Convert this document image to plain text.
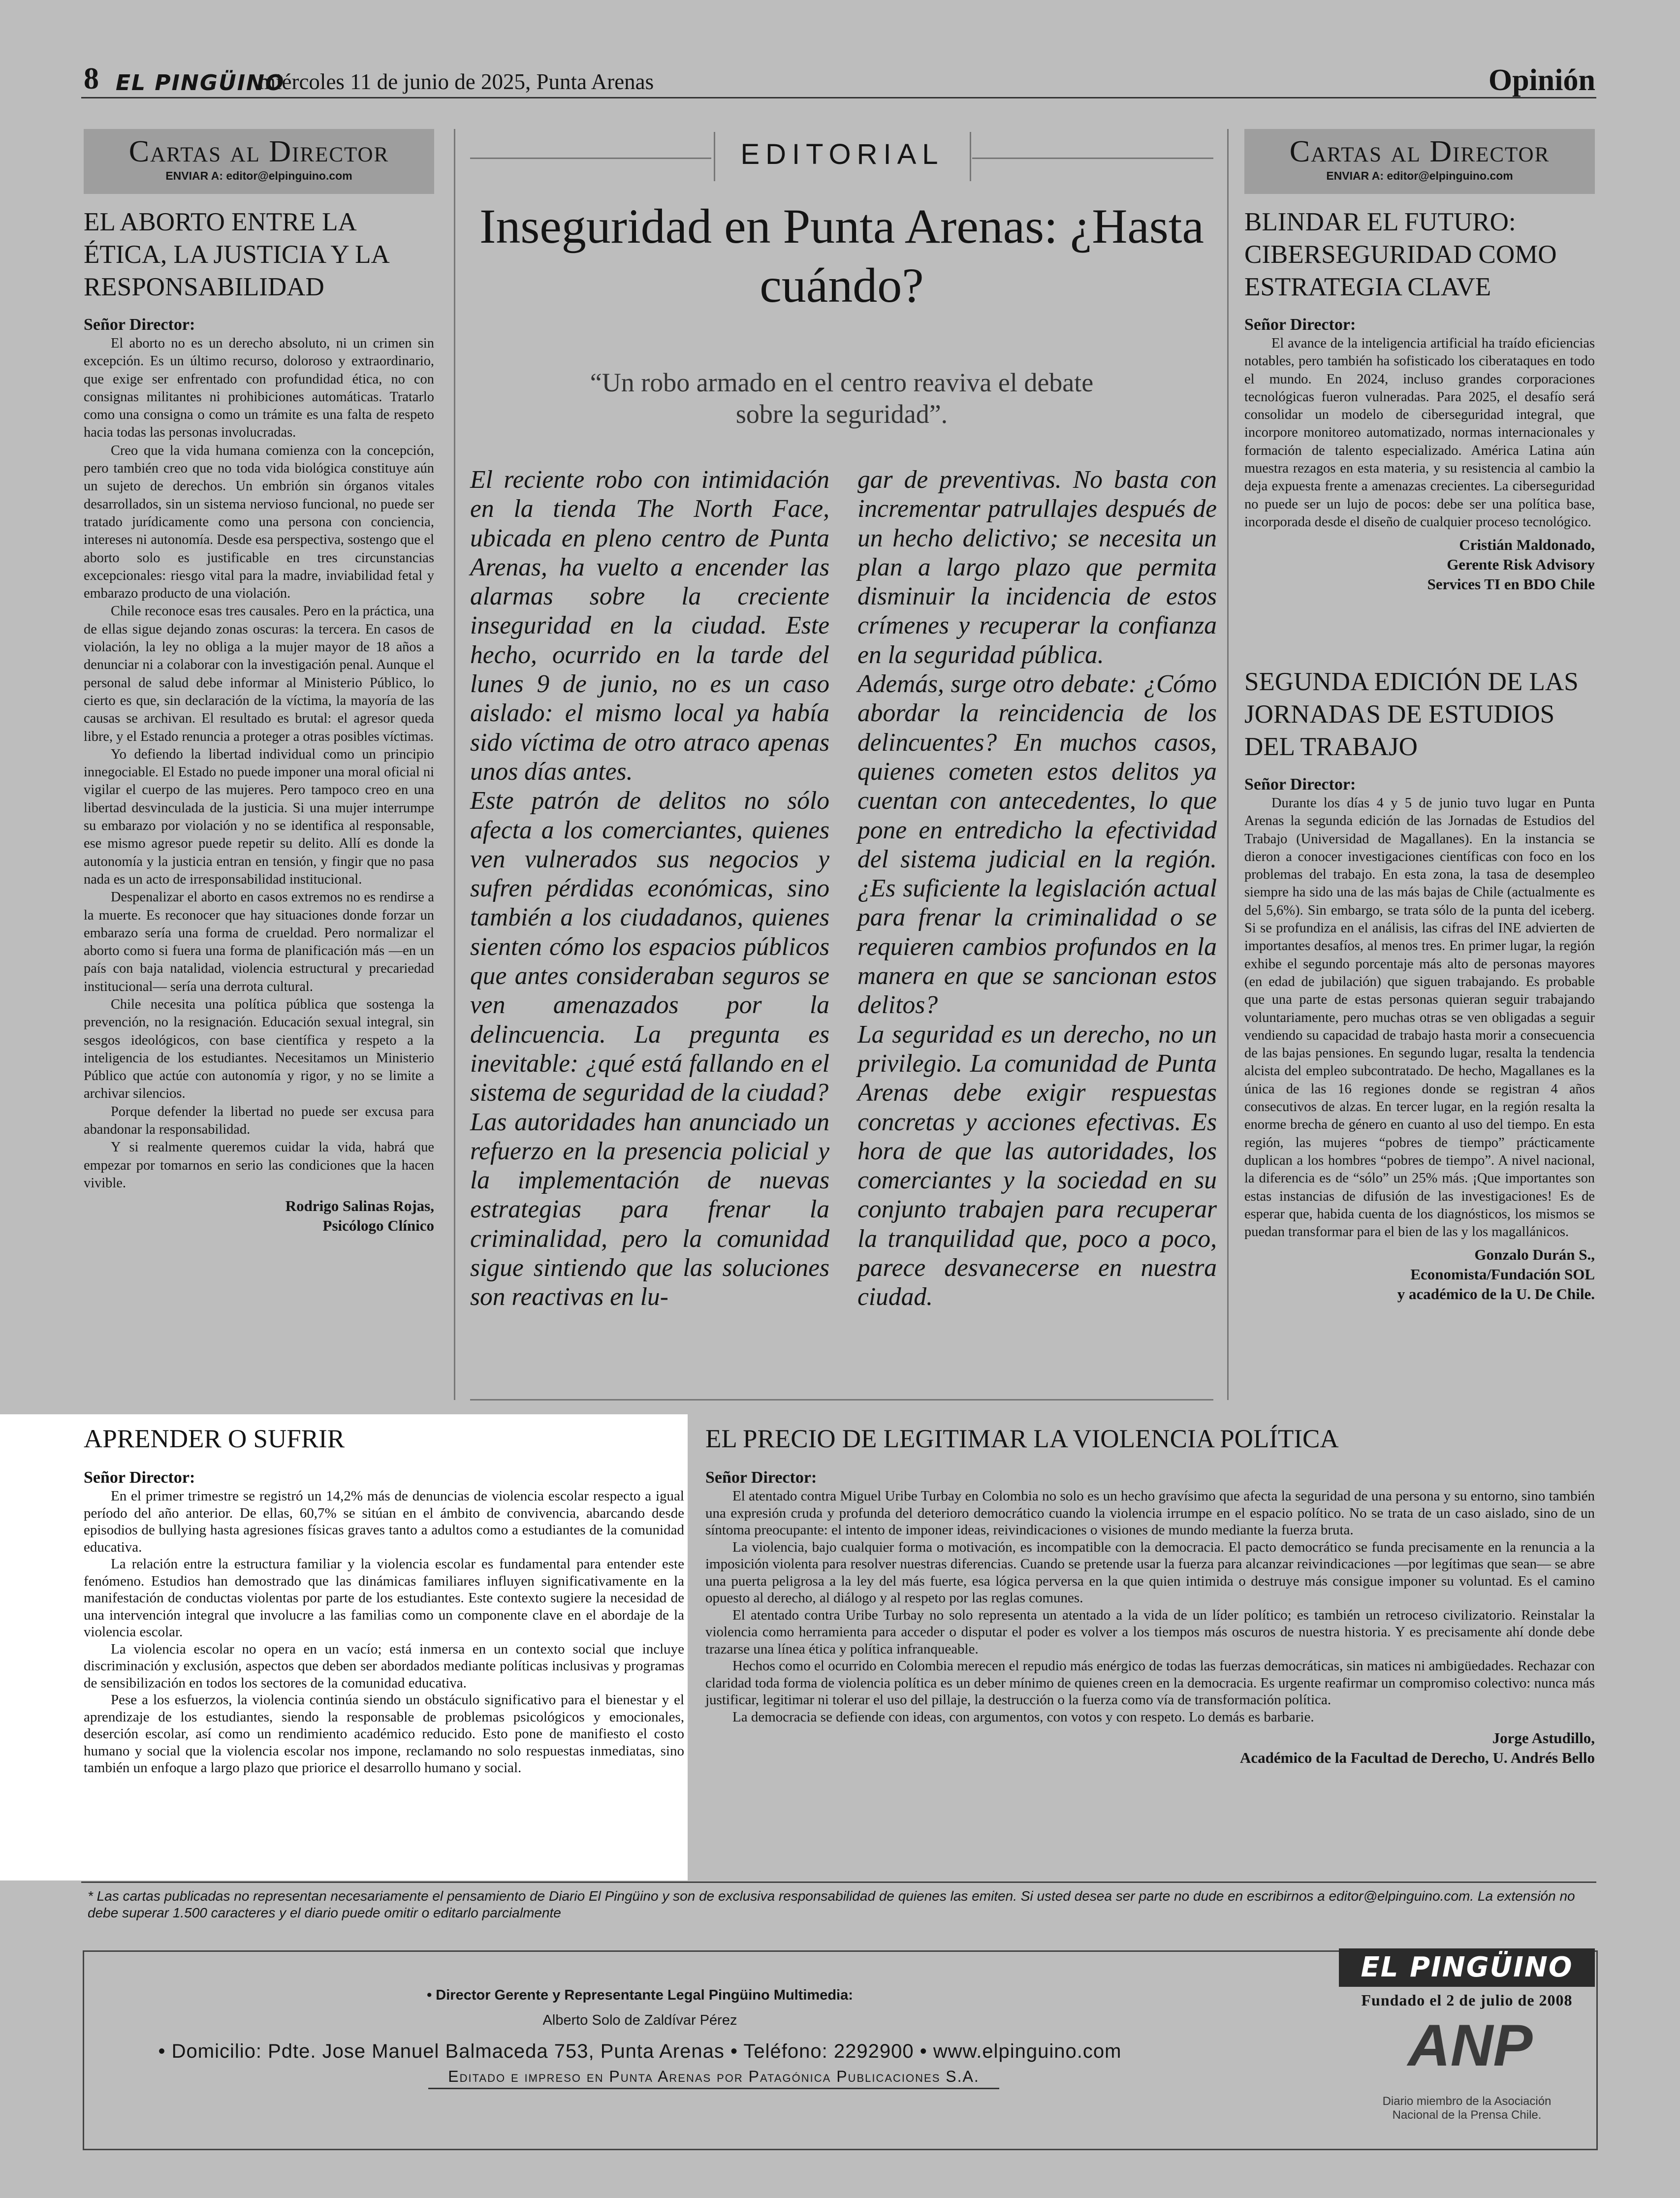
8 EL PINGÜINO
miércoles 11 de junio de 2025, Punta Arenas	Opinión
Cartas al Director
ENVIAR A: editor@elpinguino.com
EL ABORTO ENTRE LA ÉTICA, LA JUSTICIA Y LA RESPONSABILIDAD
Señor Director:

El aborto no es un derecho absoluto, ni un crimen sin excepción. Es un último recurso, doloroso y extraordinario, que exige ser enfrentado con profundidad ética, no con consignas militantes ni prohibiciones automáticas. Tratarlo como una consigna o como un trámite es una falta de respeto hacia todas las personas involucradas.

Creo que la vida humana comienza con la concepción, pero también creo que no toda vida biológica constituye aún un sujeto de derechos. Un embrión sin órganos vitales desarrollados, sin un sistema nervioso funcional, no puede ser tratado jurídicamente como una persona con conciencia, intereses ni autonomía. Desde esa perspectiva, sostengo que el aborto solo es justificable en tres circunstancias excepcionales: riesgo vital para la madre, inviabilidad fetal y embarazo producto de una violación.

Chile reconoce esas tres causales. Pero en la práctica, una de ellas sigue dejando zonas oscuras: la tercera. En casos de violación, la ley no obliga a la mujer mayor de 18 años a denunciar ni a colaborar con la investigación penal. Aunque el personal de salud debe informar al Ministerio Público, lo cierto es que, sin declaración de la víctima, la mayoría de las causas se archivan. El resultado es brutal: el agresor queda libre, y el Estado renuncia a proteger a otras posibles víctimas.

Yo defiendo la libertad individual como un principio innegociable. El Estado no puede imponer una moral oficial ni vigilar el cuerpo de las mujeres. Pero tampoco creo en una libertad desvinculada de la justicia. Si una mujer interrumpe su embarazo por violación y no se identifica al responsable, ese mismo agresor puede repetir su delito. Allí es donde la autonomía y la justicia entran en tensión, y fingir que no pasa nada es un acto de irresponsabilidad institucional.

Despenalizar el aborto en casos extremos no es rendirse a la muerte. Es reconocer que hay situaciones donde forzar un embarazo sería una forma de crueldad. Pero normalizar el aborto como si fuera una forma de planificación más —en un país con baja natalidad, violencia estructural y precariedad institucional— sería una derrota cultural.

Chile necesita una política pública que sostenga la prevención, no la resignación. Educación sexual integral, sin sesgos ideológicos, con base científica y respeto a la inteligencia de los estudiantes. Necesitamos un Ministerio Público que actúe con autonomía y rigor, y no se limite a archivar silencios.

Porque defender la libertad no puede ser excusa para abandonar la responsabilidad.

Y si realmente queremos cuidar la vida, habrá que empezar por tomarnos en serio las condiciones que la hacen vivible.

Rodrigo Salinas Rojas,
Psicólogo Clínico
EDITORIAL
Inseguridad en Punta Arenas: ¿Hasta cuándo?
“Un robo armado en el centro reaviva el debate sobre la seguridad”.

El reciente robo con intimidación en la tienda The North Face, ubicada en pleno centro de Punta Arenas, ha vuelto a encender las alarmas sobre la creciente inseguridad en la ciudad. Este hecho, ocurrido en la tarde del lunes 9 de junio, no es un caso aislado: el mismo local ya había sido víctima de otro atraco apenas unos días antes.

Este patrón de delitos no sólo afecta a los comerciantes, quienes ven vulnerados sus negocios y sufren pérdidas económicas, sino también a los ciudadanos, quienes sienten cómo los espacios públicos que antes consideraban seguros se ven amenazados por la delincuencia. La pregunta es inevitable: ¿qué está fallando en el sistema de seguridad de la ciudad?

Las autoridades han anunciado un refuerzo en la presencia policial y la implementación de nuevas estrategias para frenar la criminalidad, pero la comunidad sigue sintiendo que las soluciones son reactivas en lu-

gar de preventivas. No basta con incrementar patrullajes después de un hecho delictivo; se necesita un plan a largo plazo que permita disminuir la incidencia de estos crímenes y recuperar la confianza en la seguridad pública.

Además, surge otro debate: ¿Cómo abordar la reincidencia de los delincuentes? En muchos casos, quienes cometen estos delitos ya cuentan con antecedentes, lo que pone en entredicho la efectividad del sistema judicial en la región. ¿Es suficiente la legislación actual para frenar la criminalidad o se requieren cambios profundos en la manera en que se sancionan estos delitos?

La seguridad es un derecho, no un privilegio. La comunidad de Punta Arenas debe exigir respuestas concretas y acciones efectivas. Es hora de que las autoridades, los comerciantes y la sociedad en su conjunto trabajen para recuperar la tranquilidad que, poco a poco, parece desvanecerse en nuestra ciudad.

Cartas al Director
ENVIAR A: editor@elpinguino.com
BLINDAR EL FUTURO: CIBERSEGURIDAD COMO ESTRATEGIA CLAVE
Señor Director:

El avance de la inteligencia artificial ha traído eficiencias notables, pero también ha sofisticado los ciberataques en todo el mundo. En 2024, incluso grandes corporaciones tecnológicas fueron vulneradas. Para 2025, el desafío será consolidar un modelo de ciberseguridad integral, que incorpore monitoreo automatizado, normas internacionales y formación de talento especializado. América Latina aún muestra rezagos en esta materia, y su resistencia al cambio la deja expuesta frente a amenazas crecientes. La ciberseguridad no puede ser un lujo de pocos: debe ser una política base, incorporada desde el diseño de cualquier proceso tecnológico.

Cristián Maldonado,
Gerente Risk Advisory
Services TI en BDO Chile
SEGUNDA EDICIÓN DE LAS JORNADAS DE ESTUDIOS DEL TRABAJO
Señor Director:

Durante los días 4 y 5 de junio tuvo lugar en Punta Arenas la segunda edición de las Jornadas de Estudios del Trabajo (Universidad de Magallanes). En la instancia se dieron a conocer investigaciones científicas con foco en los problemas del trabajo. En esta zona, la tasa de desempleo siempre ha sido una de las más bajas de Chile (actualmente es del 5,6%). Sin embargo, se trata sólo de la punta del iceberg. Si se profundiza en el análisis, las cifras del INE advierten de importantes desafíos, al menos tres. En primer lugar, la región exhibe el segundo porcentaje más alto de personas mayores (en edad de jubilación) que siguen trabajando. Es probable que una parte de estas personas quieran seguir trabajando voluntariamente, pero muchas otras se ven obligadas a seguir vendiendo su capacidad de trabajo hasta morir a consecuencia de las bajas pensiones. En segundo lugar, resalta la tendencia alcista del empleo subcontratado. De hecho, Magallanes es la única de las 16 regiones donde se registran 4 años consecutivos de alzas. En tercer lugar, en la región resalta la enorme brecha de género en cuanto al uso del tiempo. En esta región, las mujeres “pobres de tiempo” prácticamente duplican a los hombres “pobres de tiempo”. A nivel nacional, la diferencia es de “sólo” un 25% más. ¡Que importantes son estas instancias de difusión de las investigaciones! Es de esperar que, habida cuenta de los diagnósticos, los mismos se puedan transformar para el bien de las y los magallánicos.

Gonzalo Durán S.,
Economista/Fundación SOL
y académico de la U. De Chile.
APRENDER O SUFRIR
Señor Director:

En el primer trimestre se registró un 14,2% más de denuncias de violencia escolar respecto a igual período del año anterior. De ellas, 60,7% se sitúan en el ámbito de convivencia, abarcando desde episodios de bullying hasta agresiones físicas graves tanto a adultos como a estudiantes de la comunidad educativa.

La relación entre la estructura familiar y la violencia escolar es fundamental para entender este fenómeno. Estudios han demostrado que las dinámicas familiares influyen significativamente en la manifestación de conductas violentas por parte de los estudiantes. Este contexto sugiere la necesidad de una intervención integral que involucre a las familias como un componente clave en el abordaje de la violencia escolar.

La violencia escolar no opera en un vacío; está inmersa en un contexto social que incluye discriminación y exclusión, aspectos que deben ser abordados mediante políticas inclusivas y programas de sensibilización en todos los sectores de la comunidad educativa.

Pese a los esfuerzos, la violencia continúa siendo un obstáculo significativo para el bienestar y el aprendizaje de los estudiantes, siendo la responsable de problemas psicológicos y emocionales, deserción escolar, así como un rendimiento académico reducido. Esto pone de manifiesto el costo humano y social que la violencia escolar nos impone, reclamando no solo respuestas inmediatas, sino también un enfoque a largo plazo que priorice el desarrollo humano y social.

EL PRECIO DE LEGITIMAR LA VIOLENCIA POLÍTICA
Señor Director:

El atentado contra Miguel Uribe Turbay en Colombia no solo es un hecho gravísimo que afecta la seguridad de una persona y su entorno, sino también una expresión cruda y profunda del deterioro democrático cuando la violencia irrumpe en el espacio político. No se trata de un caso aislado, sino de un síntoma preocupante: el intento de imponer ideas, reivindicaciones o visiones de mundo mediante la fuerza bruta.

La violencia, bajo cualquier forma o motivación, es incompatible con la democracia. El pacto democrático se funda precisamente en la renuncia a la imposición violenta para resolver nuestras diferencias. Cuando se pretende usar la fuerza para alcanzar reivindicaciones —por legítimas que sean— se abre una puerta peligrosa a la ley del más fuerte, esa lógica perversa en la que quien intimida o destruye más consigue imponer su voluntad. Es el camino opuesto al derecho, al diálogo y al respeto por las reglas comunes.

El atentado contra Uribe Turbay no solo representa un atentado a la vida de un líder político; es también un retroceso civilizatorio. Reinstalar la violencia como herramienta para acceder o disputar el poder es volver a los tiempos más oscuros de nuestra historia. Y es precisamente ahí donde debe trazarse una línea ética y política infranqueable.

Hechos como el ocurrido en Colombia merecen el repudio más enérgico de todas las fuerzas democráticas, sin matices ni ambigüedades. Rechazar con claridad toda forma de violencia política es un deber mínimo de quienes creen en la democracia. Es urgente reafirmar un compromiso colectivo: nunca más justificar, legitimar ni tolerar el uso del pillaje, la destrucción o la fuerza como vía de transformación política.

La democracia se defiende con ideas, con argumentos, con votos y con respeto. Lo demás es barbarie.

Jorge Astudillo,
Académico de la Facultad de Derecho, U. Andrés Bello
* Las cartas publicadas no representan necesariamente el pensamiento de Diario El Pingüino y son de exclusiva responsabilidad de quienes las emiten. Si usted desea ser parte no dude en escribirnos a editor@elpinguino.com. La extensión no debe superar 1.500 caracteres y el diario puede omitir o editarlo parcialmente
• Director Gerente y Representante Legal Pingüino Multimedia:
Alberto Solo de Zaldívar Pérez
• Domicilio: Pdte. Jose Manuel Balmaceda 753, Punta Arenas • Teléfono: 2292900 • www.elpinguino.com
Editado e impreso en Punta Arenas por Patagónica Publicaciones S.A.
EL PINGÜINO
Fundado el 2 de julio de 2008
ANP
Diario miembro de la Asociación Nacional de la Prensa Chile.
